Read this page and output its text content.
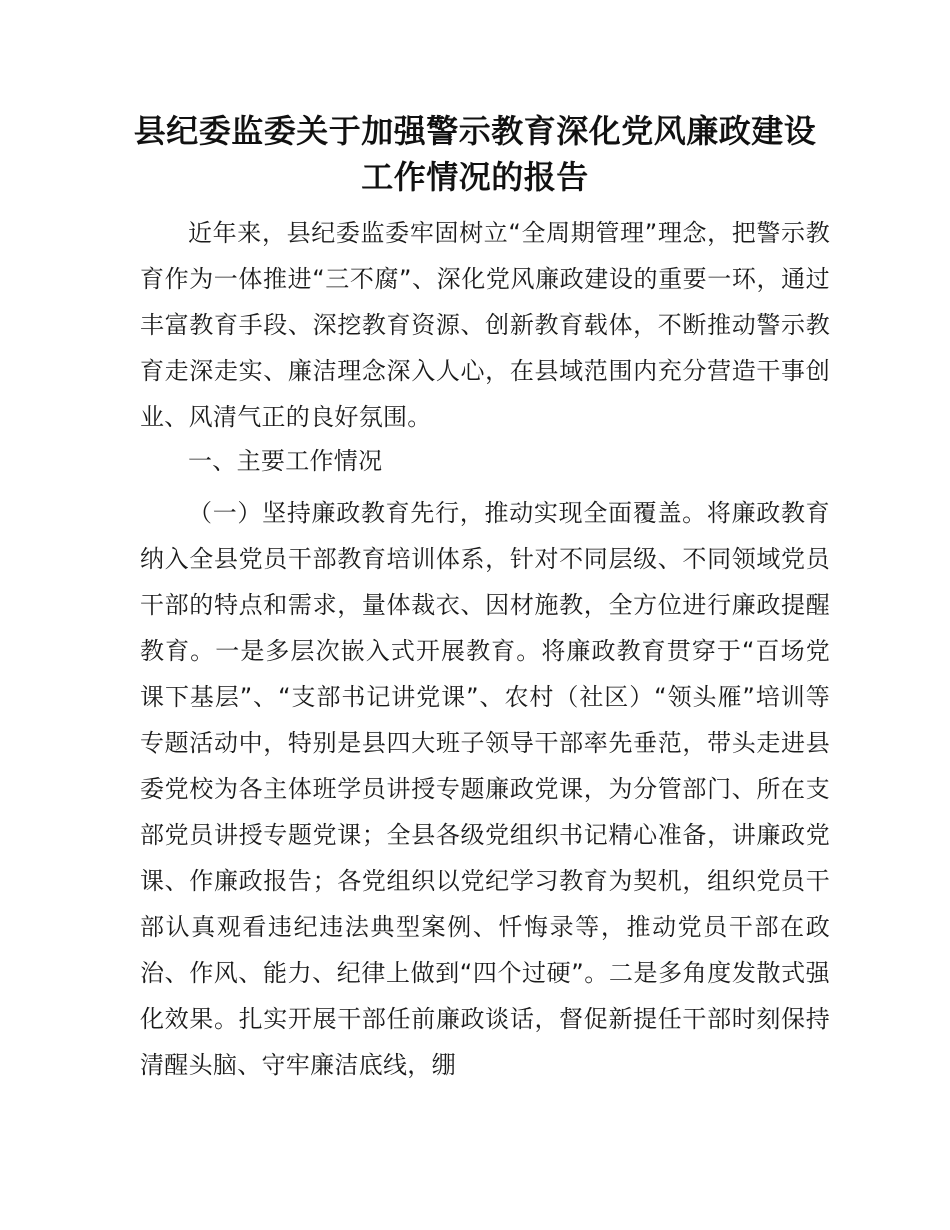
县纪委监委关于加强警示教育深化党风廉政建设工作情况的报告

近年来，县纪委监委牢固树立“全周期管理”理念，把警示教育作为一体推进“三不腐”、深化党风廉政建设的重要一环，通过丰富教育手段、深挖教育资源、创新教育载体，不断推动警示教育走深走实、廉洁理念深入人心，在县域范围内充分营造干事创业、风清气正的良好氛围。

一、主要工作情况

（一）坚持廉政教育先行，推动实现全面覆盖。将廉政教育纳入全县党员干部教育培训体系，针对不同层级、不同领域党员干部的特点和需求，量体裁衣、因材施教，全方位进行廉政提醒教育。一是多层次嵌入式开展教育。将廉政教育贯穿于“百场党课下基层”、“支部书记讲党课”、农村（社区）“领头雁”培训等专题活动中，特别是县四大班子领导干部率先垂范，带头走进县委党校为各主体班学员讲授专题廉政党课，为分管部门、所在支部党员讲授专题党课；全县各级党组织书记精心准备，讲廉政党课、作廉政报告；各党组织以党纪学习教育为契机，组织党员干部认真观看违纪违法典型案例、忏悔录等，推动党员干部在政治、作风、能力、纪律上做到“四个过硬”。二是多角度发散式强化效果。扎实开展干部任前廉政谈话，督促新提任干部时刻保持清醒头脑、守牢廉洁底线，绷
